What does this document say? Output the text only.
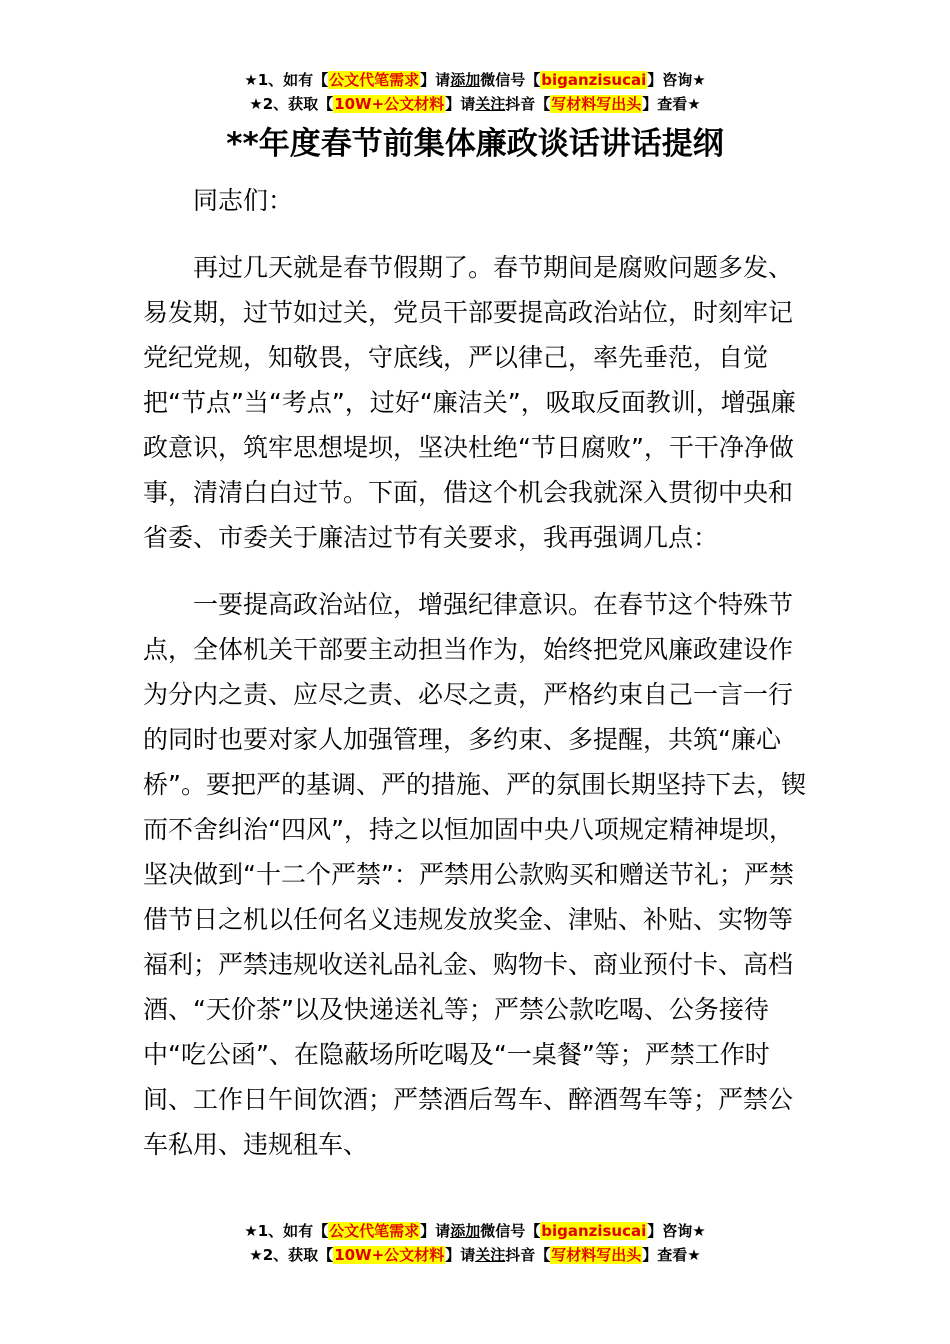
★1、如有【公文代笔需求】请添加微信号【biganzisucai】咨询★
★2、获取【10W+公文材料】请关注抖音【写材料写出头】查看★
**年度春节前集体廉政谈话讲话提纲

同志们：

再过几天就是春节假期了。春节期间是腐败问题多发、易发期，过节如过关，党员干部要提高政治站位，时刻牢记党纪党规，知敬畏，守底线，严以律己，率先垂范，自觉把“节点”当“考点”，过好“廉洁关”，吸取反面教训，增强廉政意识，筑牢思想堤坝，坚决杜绝“节日腐败”，干干净净做事，清清白白过节。下面，借这个机会我就深入贯彻中央和省委、市委关于廉洁过节有关要求，我再强调几点：

一要提高政治站位，增强纪律意识。在春节这个特殊节点，全体机关干部要主动担当作为，始终把党风廉政建设作为分内之责、应尽之责、必尽之责，严格约束自己一言一行的同时也要对家人加强管理，多约束、多提醒，共筑“廉心桥”。要把严的基调、严的措施、严的氛围长期坚持下去，锲而不舍纠治“四风”，持之以恒加固中央八项规定精神堤坝，坚决做到“十二个严禁”：严禁用公款购买和赠送节礼；严禁借节日之机以任何名义违规发放奖金、津贴、补贴、实物等福利；严禁违规收送礼品礼金、购物卡、商业预付卡、高档酒、“天价茶”以及快递送礼等；严禁公款吃喝、公务接待中“吃公函”、在隐蔽场所吃喝及“一桌餐”等；严禁工作时间、工作日午间饮酒；严禁酒后驾车、醉酒驾车等；严禁公车私用、违规租车、

★1、如有【公文代笔需求】请添加微信号【biganzisucai】咨询★
★2、获取【10W+公文材料】请关注抖音【写材料写出头】查看★
